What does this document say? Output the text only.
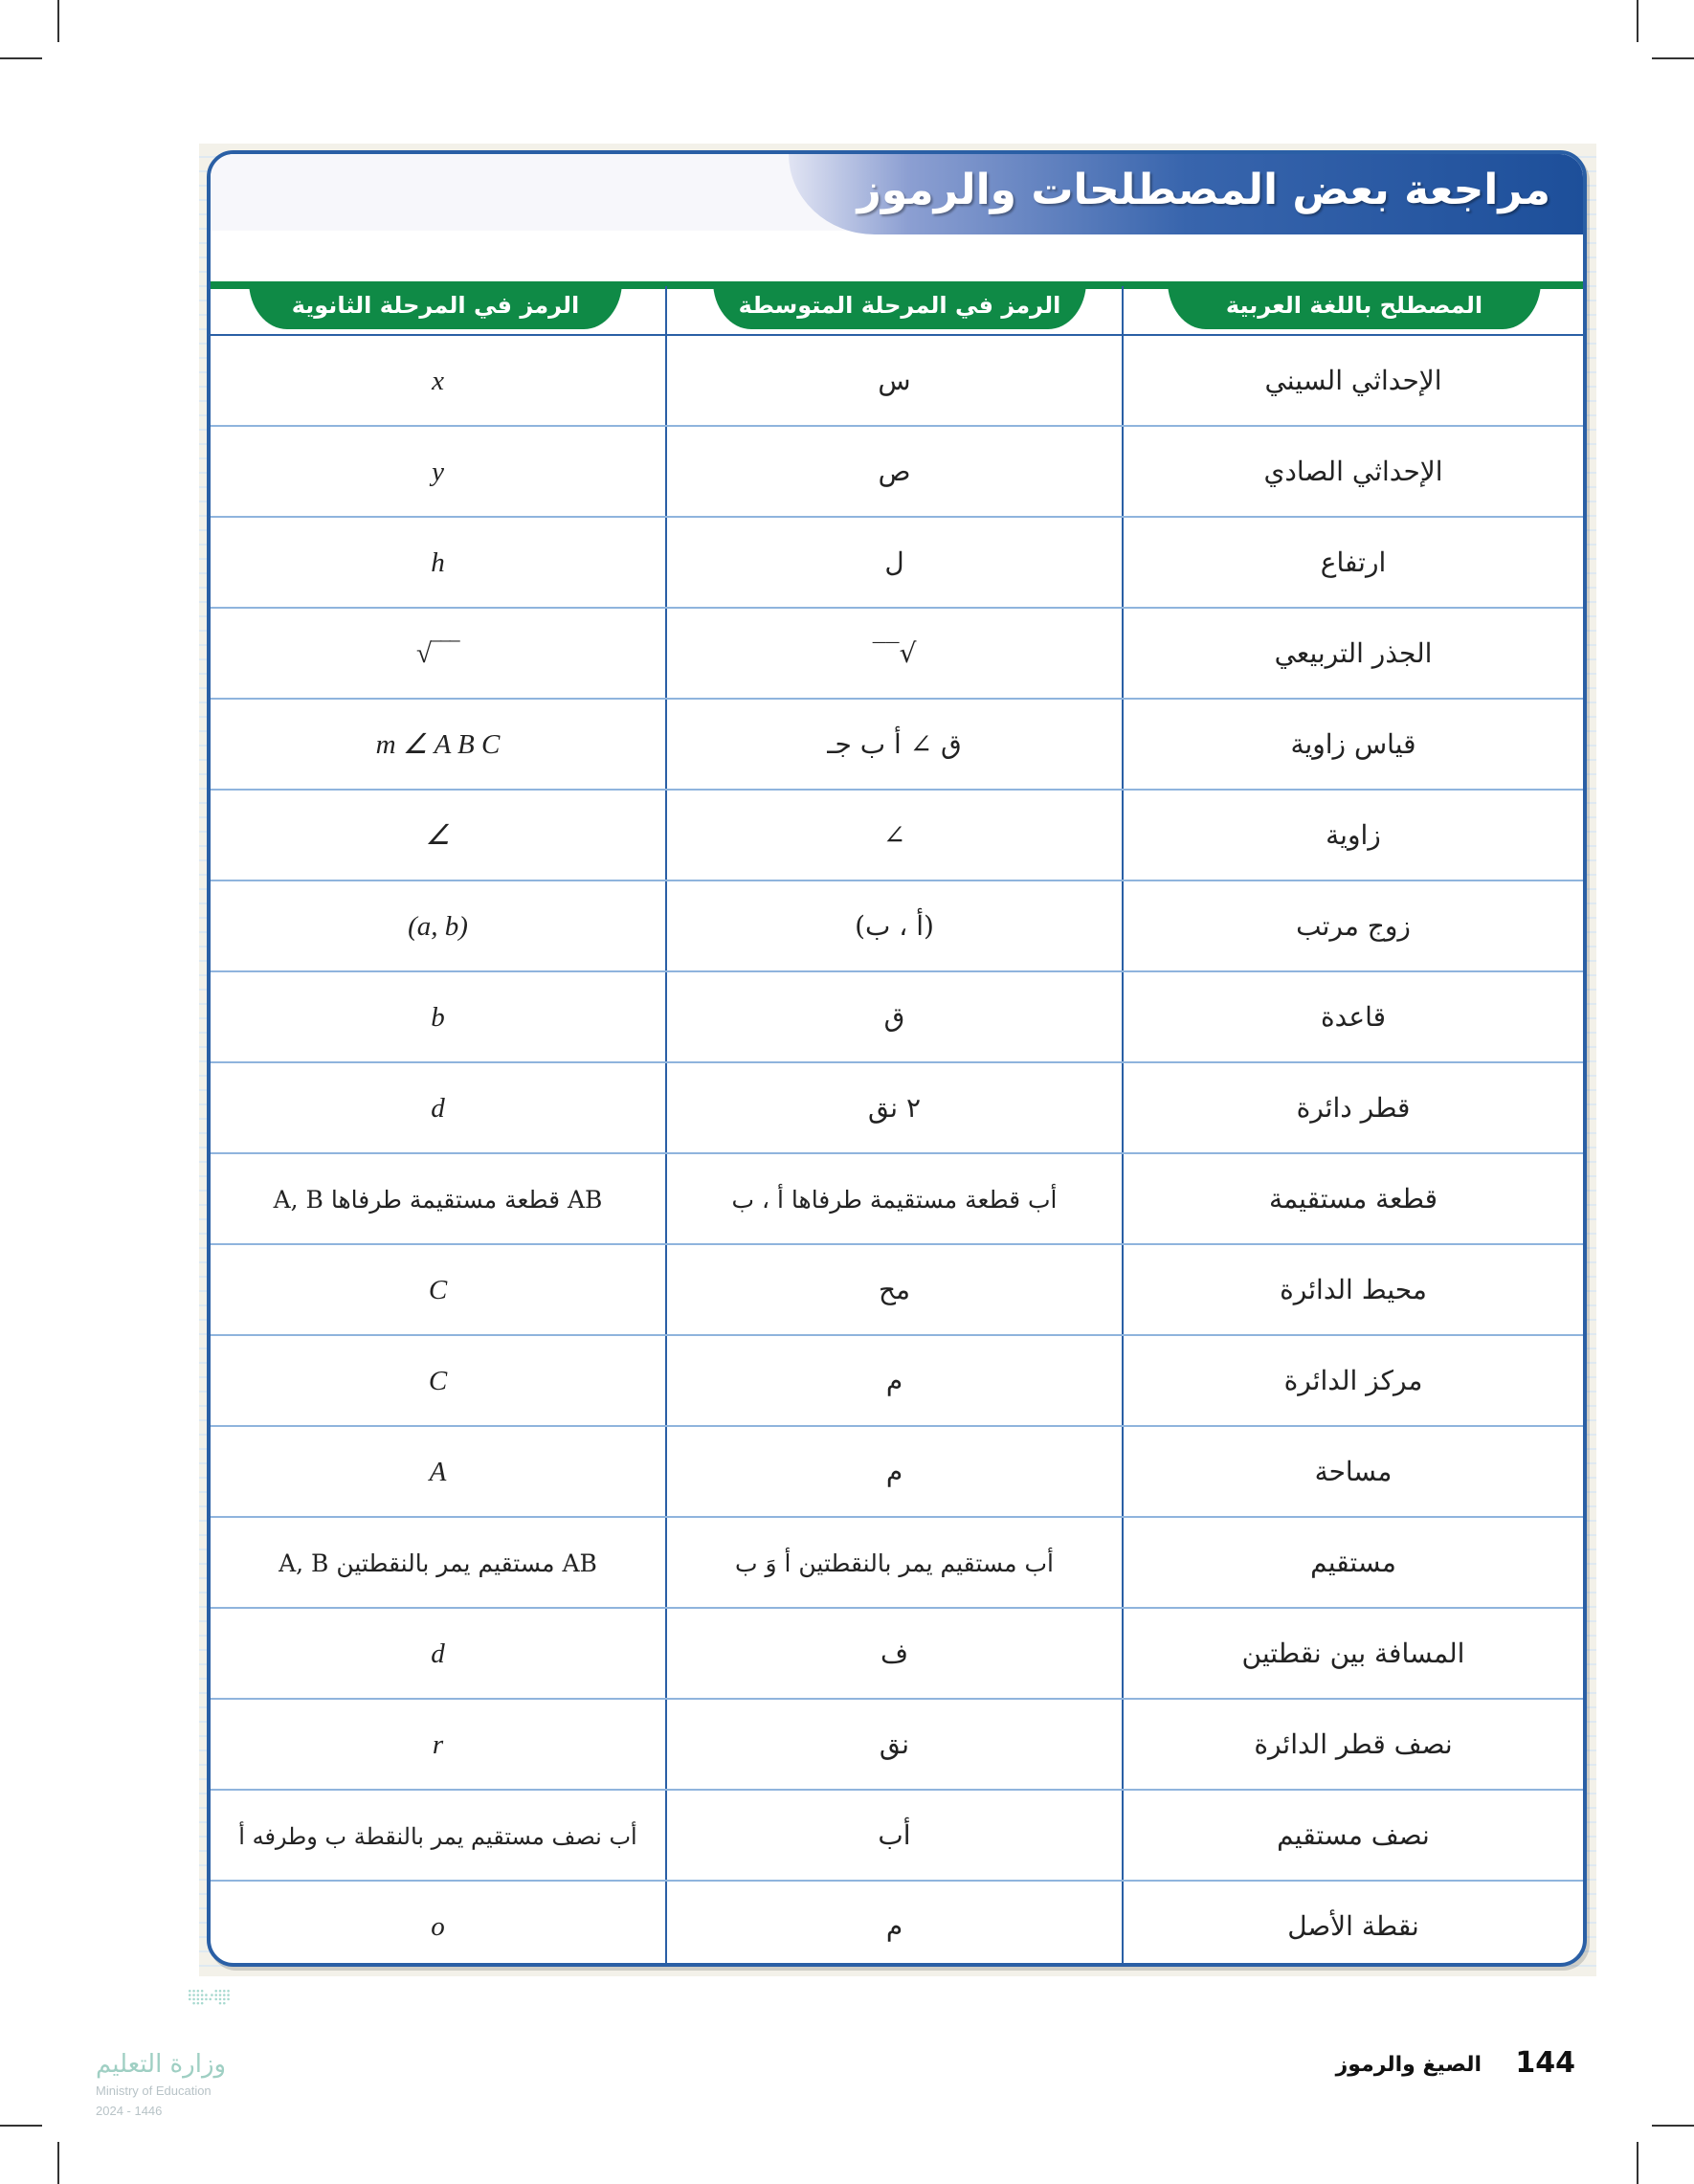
مراجعة بعض المصطلحات والرموز
المصطلح باللغة العربية
الرمز في المرحلة المتوسطة
الرمز في المرحلة الثانوية
x	س	الإحداثي السيني
y	ص	الإحداثي الصادي
h	ل	ارتفاع
√‾‾‾	√‾‾	الجذر التربيعي
m ∠ A B C	ق ∠ أ ب جـ	قياس زاوية
∠	∠	زاوية
(a, b)	(أ ، ب)	زوج مرتب
b	ق	قاعدة
d	٢ نق	قطر دائرة
AB قطعة مستقيمة طرفاها A, B	أب قطعة مستقيمة طرفاها أ ، ب	قطعة مستقيمة
C	مح	محيط الدائرة
C	م	مركز الدائرة
A	م	مساحة
AB مستقيم يمر بالنقطتين A, B	أب مستقيم يمر بالنقطتين أ وَ ب	مستقيم
d	ف	المسافة بين نقطتين
r	نق	نصف قطر الدائرة
أب نصف مستقيم يمر بالنقطة ب وطرفه أ	أب	نصف مستقيم
o	م	نقطة الأصل
144
الصيغ والرموز
وزارة التعليم
Ministry of Education
2024 - 1446
